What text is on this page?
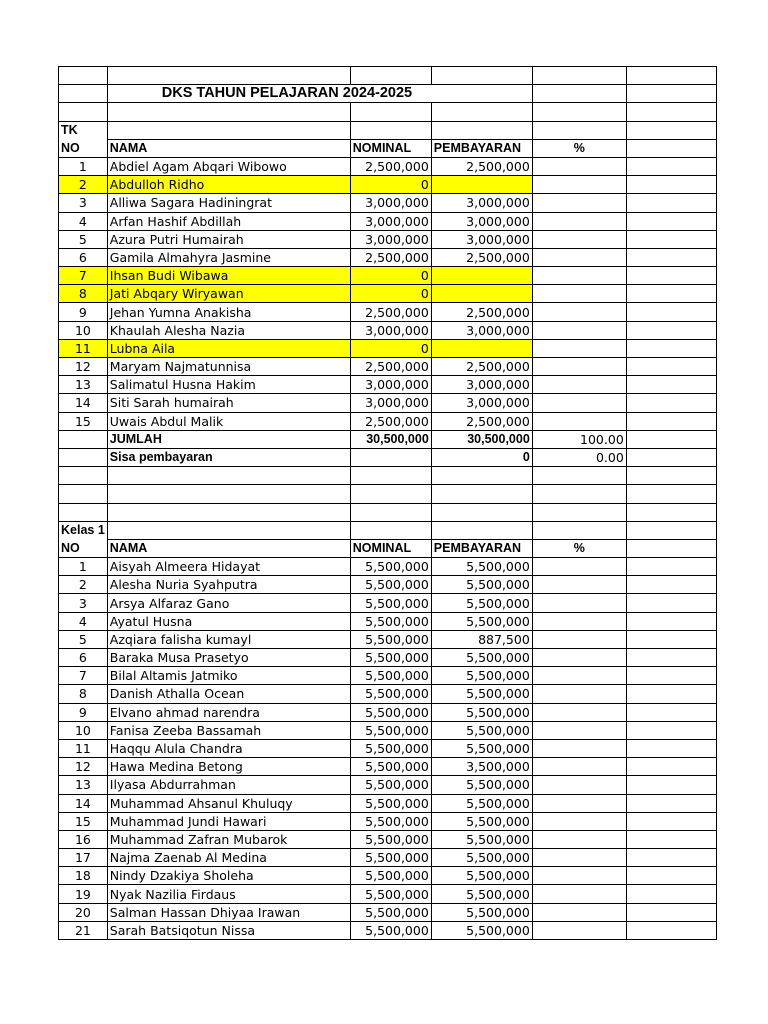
	DKS TAHUN PELAJARAN 2024-2025				

TK					
NO	NAMA	NOMINAL	PEMBAYARAN	%	
1	Abdiel Agam Abqari Wibowo	2,500,000	2,500,000		
2	Abdulloh Ridho	0			
3	Alliwa Sagara Hadiningrat	3,000,000	3,000,000		
4	Arfan Hashif Abdillah	3,000,000	3,000,000		
5	Azura Putri Humairah	3,000,000	3,000,000		
6	Gamila Almahyra Jasmine	2,500,000	2,500,000		
7	Ihsan Budi Wibawa	0			
8	Jati Abqary Wiryawan	0			
9	Jehan Yumna Anakisha	2,500,000	2,500,000		
10	Khaulah Alesha Nazia	3,000,000	3,000,000		
11	Lubna Aila	0			
12	Maryam Najmatunnisa	2,500,000	2,500,000		
13	Salimatul Husna Hakim	3,000,000	3,000,000		
14	Siti Sarah humairah	3,000,000	3,000,000		
15	Uwais Abdul Malik	2,500,000	2,500,000		
	JUMLAH	30,500,000	30,500,000	100.00	
	Sisa pembayaran		0	0.00	

Kelas 1					
NO	NAMA	NOMINAL	PEMBAYARAN	%	
1	Aisyah Almeera Hidayat	5,500,000	5,500,000		
2	Alesha Nuria Syahputra	5,500,000	5,500,000		
3	Arsya Alfaraz Gano	5,500,000	5,500,000		
4	Ayatul Husna	5,500,000	5,500,000		
5	Azqiara falisha kumayl	5,500,000	887,500		
6	Baraka Musa Prasetyo	5,500,000	5,500,000		
7	Bilal Altamis Jatmiko	5,500,000	5,500,000		
8	Danish Athalla Ocean	5,500,000	5,500,000		
9	Elvano ahmad narendra	5,500,000	5,500,000		
10	Fanisa Zeeba Bassamah	5,500,000	5,500,000		
11	Haqqu Alula Chandra	5,500,000	5,500,000		
12	Hawa Medina Betong	5,500,000	3,500,000		
13	Ilyasa Abdurrahman	5,500,000	5,500,000		
14	Muhammad Ahsanul Khuluqy	5,500,000	5,500,000		
15	Muhammad Jundi Hawari	5,500,000	5,500,000		
16	Muhammad Zafran Mubarok	5,500,000	5,500,000		
17	Najma Zaenab Al Medina	5,500,000	5,500,000		
18	Nindy Dzakiya Sholeha	5,500,000	5,500,000		
19	Nyak Nazilia Firdaus	5,500,000	5,500,000		
20	Salman Hassan Dhiyaa Irawan	5,500,000	5,500,000		
21	Sarah Batsiqotun Nissa	5,500,000	5,500,000		
